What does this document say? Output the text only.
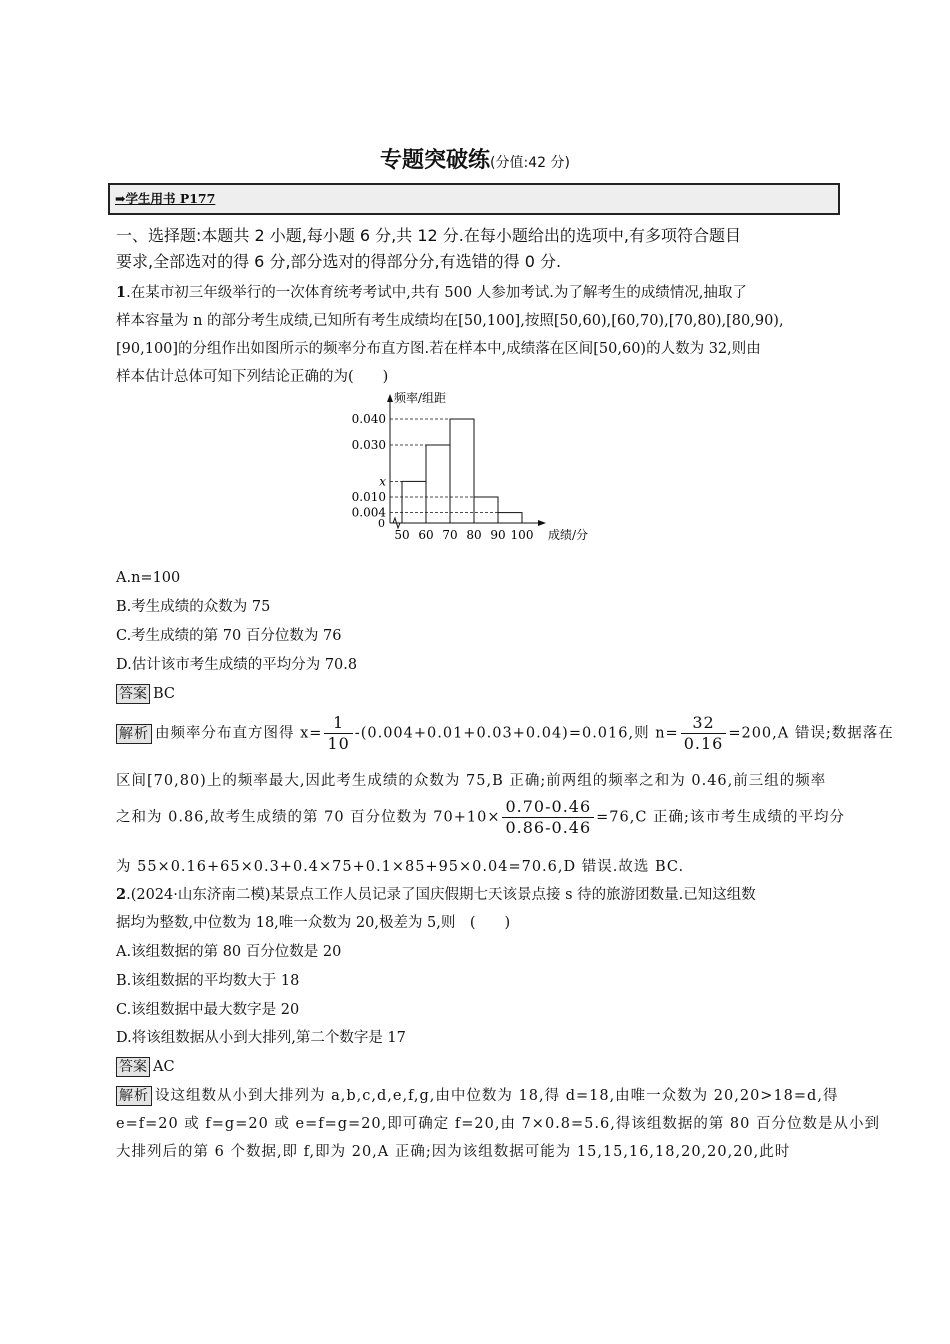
专题突破练(分值:42 分)
➡学生用书 P177
一、选择题:本题共 2 小题,每小题 6 分,共 12 分.在每小题给出的选项中,有多项符合题目
要求,全部选对的得 6 分,部分选对的得部分分,有选错的得 0 分.
1.在某市初三年级举行的一次体育统考考试中,共有 500 人参加考试.为了解考生的成绩情况,抽取了
样本容量为 n 的部分考生成绩,已知所有考生成绩均在[50,100],按照[50,60),[60,70),[70,80),[80,90),
[90,100]的分组作出如图所示的频率分布直方图.若在样本中,成绩落在区间[50,60)的人数为 32,则由
样本估计总体可知下列结论正确的为(　　)
频率/组距
成绩/分
0
0.040
0.030
x
0.010
0.004
50 60 70 80 90 100
A.n=100
B.考生成绩的众数为 75
C.考生成绩的第 70 百分位数为 76
D.估计该市考生成绩的平均分为 70.8
答案 BC
解析 由频率分布直方图得 $x= \frac{1}{10} -(0.004+0.01+0.03+0.04)=0.016$,则 $n= \frac{32}{0.16} =200,A$ 错误;数据落在
区间[70,80)上的频率最大,因此考生成绩的众数为 75,B 正确;前两组的频率之和为 0.46,前三组的频率
之和为 0.86,故考生成绩的第 70 百分位数为 $70+10\times \frac{0.70-0.46}{0.86-0.46} =76,C$ 正确;该市考生成绩的平均分
为 55×0.16+65×0.3+0.4×75+0.1×85+95×0.04=70.6,D 错误.故选 BC.
2.(2024·山东济南二模)某景点工作人员记录了国庆假期七天该景点接 s 待的旅游团数量.已知这组数
据均为整数,中位数为 18,唯一众数为 20,极差为 5,则　(　　)
A.该组数据的第 80 百分位数是 20
B.该组数据的平均数大于 18
C.该组数据中最大数字是 20
D.将该组数据从小到大排列,第二个数字是 17
答案 AC
解析 设这组数从小到大排列为 a,b,c,d,e,f,g,由中位数为 18,得 d=18,由唯一众数为 20,20>18=d,得
e=f=20 或 f=g=20 或 e=f=g=20,即可确定 f=20,由 7×0.8=5.6,得该组数据的第 80 百分位数是从小到
大排列后的第 6 个数据,即 f,即为 20,A 正确;因为该组数据可能为 15,15,16,18,20,20,20,此时
